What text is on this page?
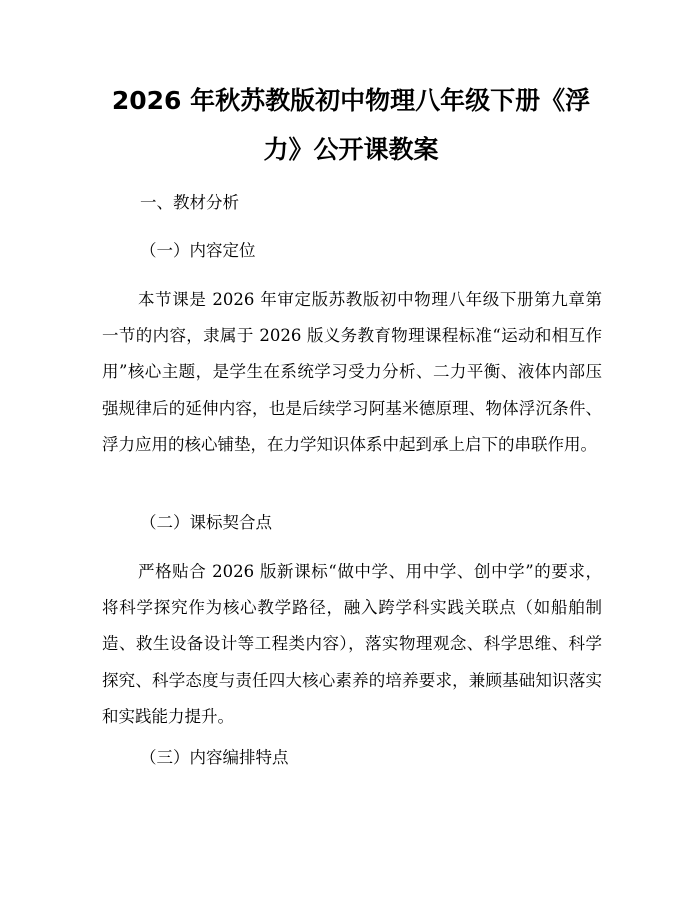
2026 年秋苏教版初中物理八年级下册《浮
力》公开课教案
一、教材分析
（一）内容定位
本节课是 2026 年审定版苏教版初中物理八年级下册第九章第一节的内容，隶属于 2026 版义务教育物理课程标准“运动和相互作用”核心主题，是学生在系统学习受力分析、二力平衡、液体内部压强规律后的延伸内容，也是后续学习阿基米德原理、物体浮沉条件、浮力应用的核心铺垫，在力学知识体系中起到承上启下的串联作用。
（二）课标契合点
严格贴合 2026 版新课标“做中学、用中学、创中学”的要求，将科学探究作为核心教学路径，融入跨学科实践关联点（如船舶制造、救生设备设计等工程类内容），落实物理观念、科学思维、科学探究、科学态度与责任四大核心素养的培养要求，兼顾基础知识落实和实践能力提升。
（三）内容编排特点
